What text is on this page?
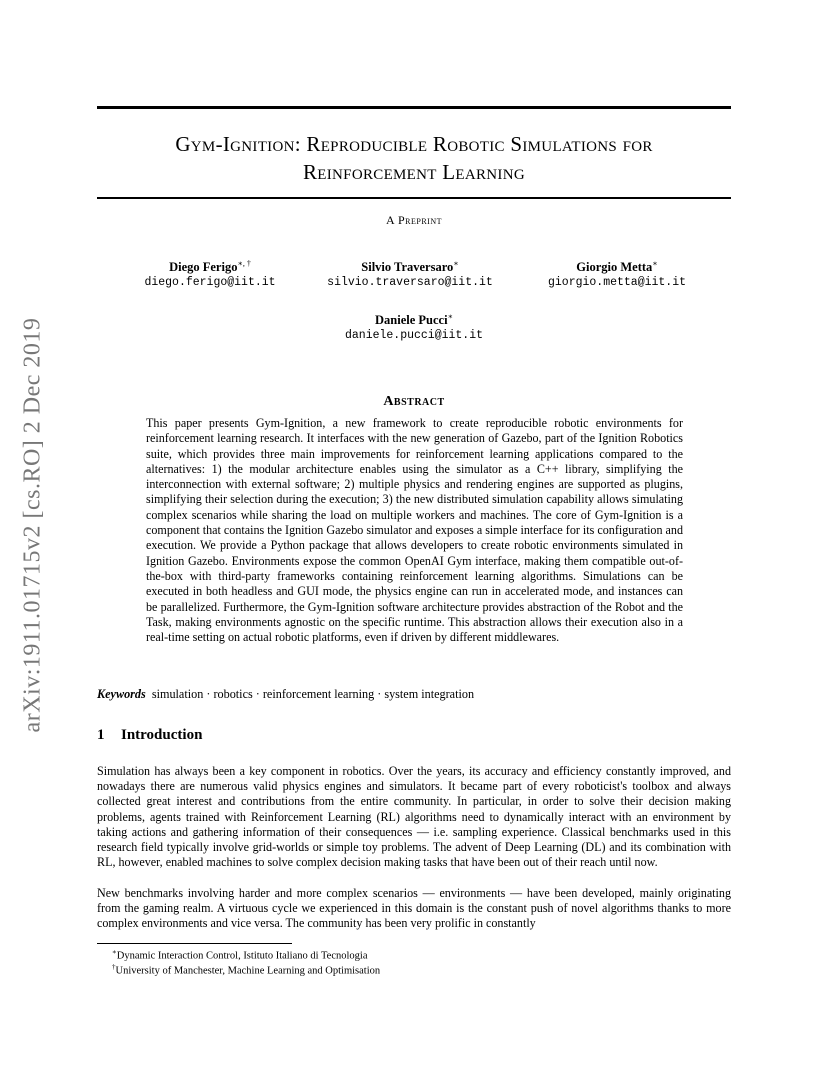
arXiv:1911.01715v2 [cs.RO] 2 Dec 2019
Gym-Ignition: Reproducible Robotic Simulations for
Reinforcement Learning
A Preprint
Diego Ferigo∗, †
diego.ferigo@iit.it
Silvio Traversaro∗
silvio.traversaro@iit.it
Giorgio Metta∗
giorgio.metta@iit.it
Daniele Pucci∗
daniele.pucci@iit.it
Abstract
This paper presents Gym-Ignition, a new framework to create reproducible robotic environments for reinforcement learning research. It interfaces with the new generation of Gazebo, part of the Ignition Robotics suite, which provides three main improvements for reinforcement learning applications compared to the alternatives: 1) the modular architecture enables using the simulator as a C++ library, simplifying the interconnection with external software; 2) multiple physics and rendering engines are supported as plugins, simplifying their selection during the execution; 3) the new distributed simulation capability allows simulating complex scenarios while sharing the load on multiple workers and machines. The core of Gym-Ignition is a component that contains the Ignition Gazebo simulator and exposes a simple interface for its configuration and execution. We provide a Python package that allows developers to create robotic environments simulated in Ignition Gazebo. Environments expose the common OpenAI Gym interface, making them compatible out-of-the-box with third-party frameworks containing reinforcement learning algorithms. Simulations can be executed in both headless and GUI mode, the physics engine can run in accelerated mode, and instances can be parallelized. Furthermore, the Gym-Ignition software architecture provides abstraction of the Robot and the Task, making environments agnostic on the specific runtime. This abstraction allows their execution also in a real-time setting on actual robotic platforms, even if driven by different middlewares.
Keywords simulation · robotics · reinforcement learning · system integration
1 Introduction
Simulation has always been a key component in robotics. Over the years, its accuracy and efficiency constantly improved, and nowadays there are numerous valid physics engines and simulators. It became part of every roboticist's toolbox and always collected great interest and contributions from the entire community. In particular, in order to solve their decision making problems, agents trained with Reinforcement Learning (RL) algorithms need to dynamically interact with an environment by taking actions and gathering information of their consequences — i.e. sampling experience. Classical benchmarks used in this research field typically involve grid-worlds or simple toy problems. The advent of Deep Learning (DL) and its combination with RL, however, enabled machines to solve complex decision making tasks that have been out of their reach until now.
New benchmarks involving harder and more complex scenarios — environments — have been developed, mainly originating from the gaming realm. A virtuous cycle we experienced in this domain is the constant push of novel algorithms thanks to more complex environments and vice versa. The community has been very prolific in constantly
∗Dynamic Interaction Control, Istituto Italiano di Tecnologia
†University of Manchester, Machine Learning and Optimisation
